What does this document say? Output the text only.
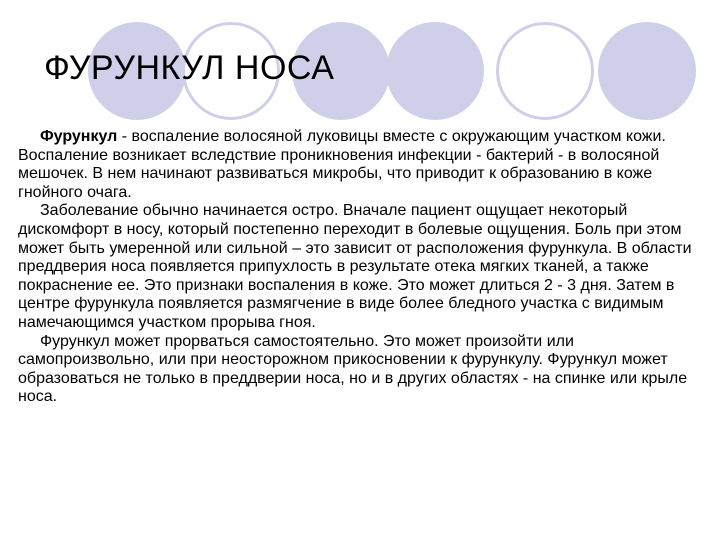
ФУРУНКУЛ НОСА

Фурункул - воспаление волосяной луковицы вместе с окружающим участком кожи. Воспаление возникает вследствие проникновения инфекции - бактерий - в волосяной мешочек. В нем начинают развиваться микробы, что приводит к образованию в коже гнойного очага.

Заболевание обычно начинается остро. Вначале пациент ощущает некоторый дискомфорт в носу, который постепенно переходит в болевые ощущения. Боль при этом может быть умеренной или сильной – это зависит от расположения фурункула. В области преддверия носа появляется припухлость в результате отека мягких тканей, а также покраснение ее. Это признаки воспаления в коже. Это может длиться 2 - 3 дня. Затем в центре фурункула появляется размягчение в виде более бледного участка с видимым намечающимся участком прорыва гноя.

Фурункул может прорваться самостоятельно. Это может произойти или самопроизвольно, или при неосторожном прикосновении к фурункулу. Фурункул может образоваться не только в преддверии носа, но и в других областях - на спинке или крыле носа.
